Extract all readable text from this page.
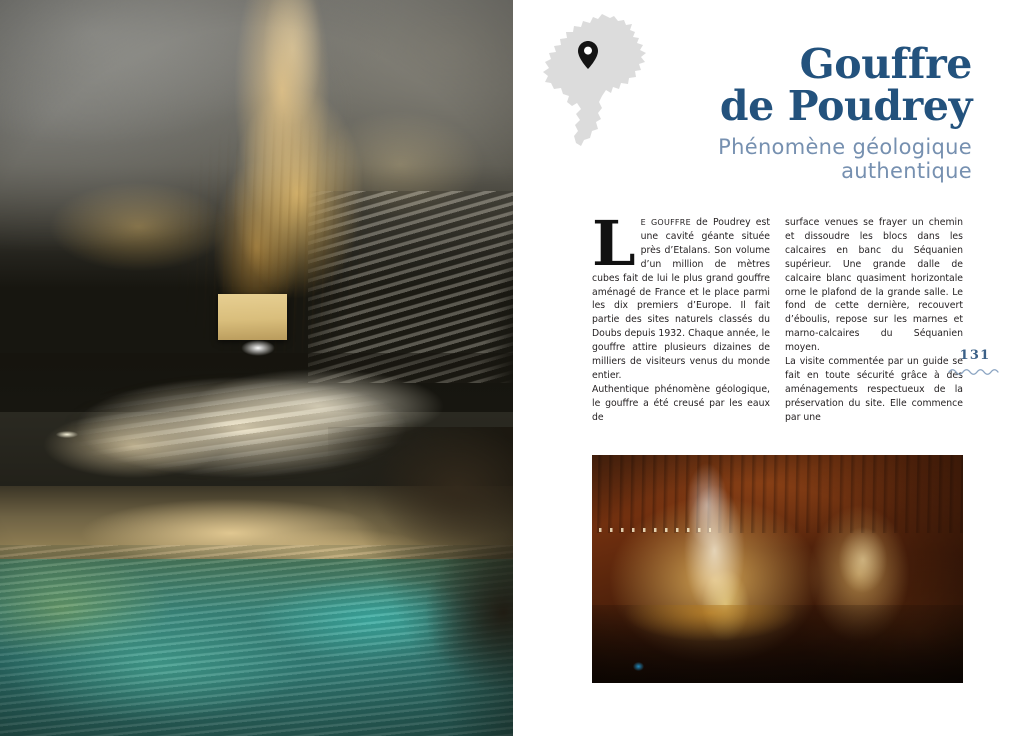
Gouffre
de Poudrey

Phénomène géologique
authentique

L E GOUFFRE de Poudrey est une cavité géante située près d’Etalans. Son volume d’un million de mètres cubes fait de lui le plus grand gouffre aménagé de France et le place parmi les dix premiers d’Europe. Il fait partie des sites naturels classés du Doubs depuis 1932. Chaque année, le gouffre attire plusieurs dizaines de milliers de visiteurs venus du monde entier.

Authentique phénomène géologique, le gouffre a été creusé par les eaux de

surface venues se frayer un chemin et dissoudre les blocs dans les calcaires en banc du Séquanien supérieur. Une grande dalle de calcaire blanc quasiment horizontale orne le plafond de la grande salle. Le fond de cette dernière, recouvert d’éboulis, repose sur les marnes et marno-calcaires du Séquanien moyen.

La visite commentée par un guide se fait en toute sécurité grâce à des aménagements respectueux de la préservation du site. Elle commence par une

131
